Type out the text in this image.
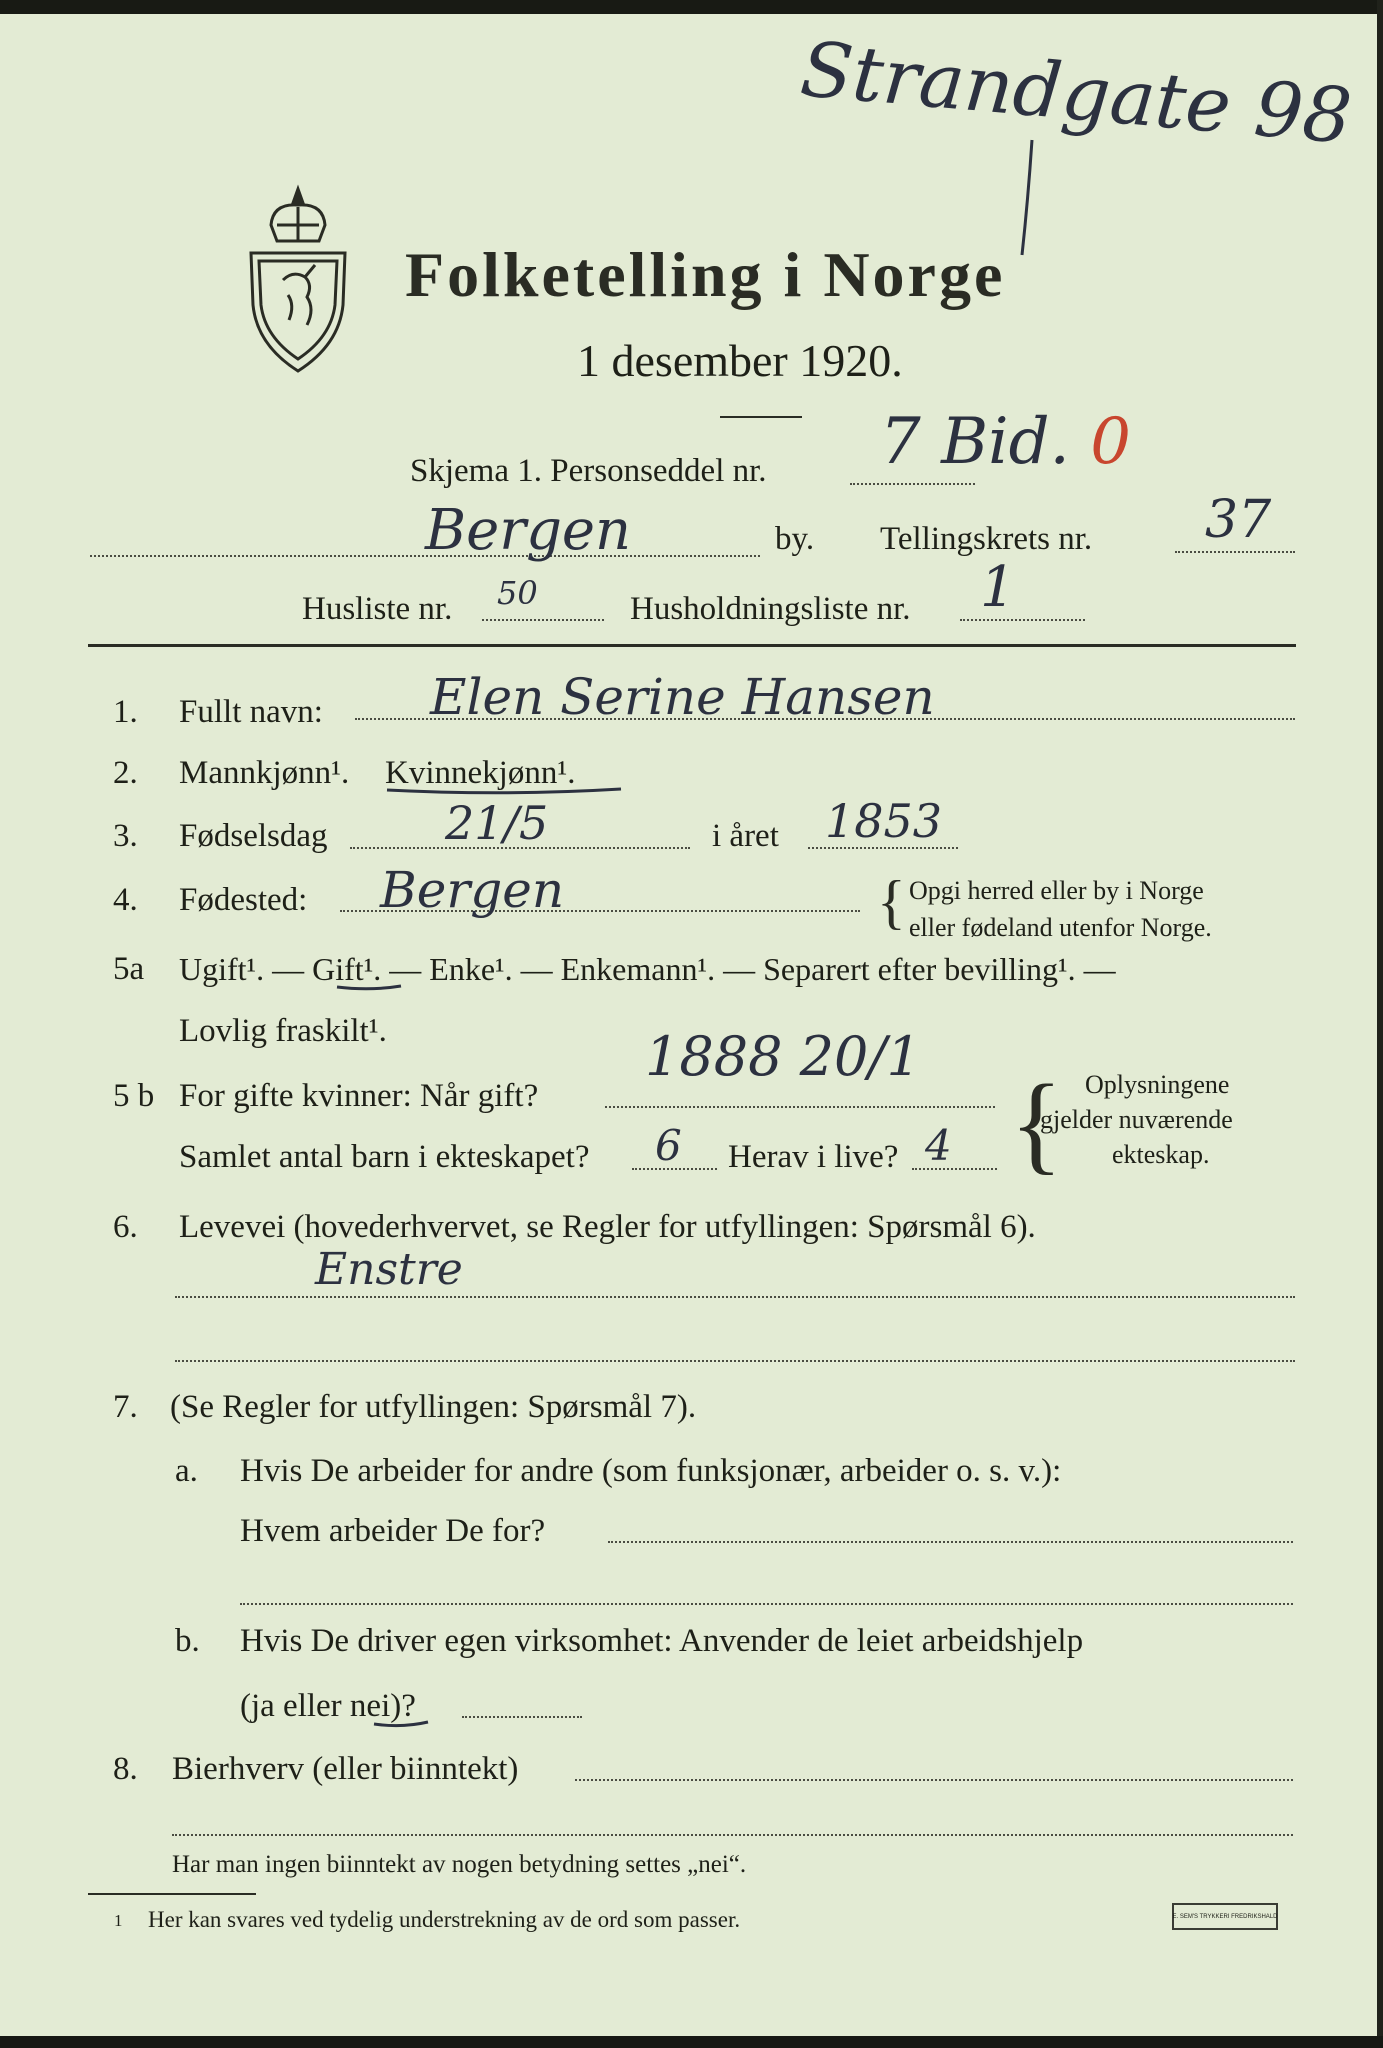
Strandgate 98
Folketelling i Norge
1 desember 1920.
Skjema 1. Personseddel nr. 7 Bid. 0
Bergen	by. Tellingskrets nr. 37
Husliste nr. 50	Husholdningsliste nr. 1
1. Fullt navn: Elen Serine Hansen
2. Mannkjønn¹. Kvinnekjønn¹.
3. Fødselsdag	21/5	i året 1853
4. Fødested: Bergen	{ Opgi herred eller by i Norge
eller fødeland utenfor Norge.
5a Ugift¹. — Gift¹. — Enke¹. — Enkemann¹. — Separert efter bevilling¹. —
Lovlig fraskilt¹.
5 b For gifte kvinner: Når gift?
1888 20/1
Samlet antal barn i ekteskapet? 6 Herav i live? 4 { Oplysningene
gjelder nuværende
ekteskap.
6. Levevei (hovederhvervet, se Regler for utfyllingen: Spørsmål 6).
Enstre
7. (Se Regler for utfyllingen: Spørsmål 7).
a. Hvis De arbeider for andre (som funksjonær, arbeider o. s. v.):
Hvem arbeider De for?
b. Hvis De driver egen virksomhet: Anvender de leiet arbeidshjelp
(ja eller nei)?
8. Bierhverv (eller biinntekt)
Har man ingen biinntekt av nogen betydning settes „nei“.
1 Her kan svares ved tydelig understrekning av de ord som passer.	E. SEM'S TRYKKERI FREDRIKSHALD
